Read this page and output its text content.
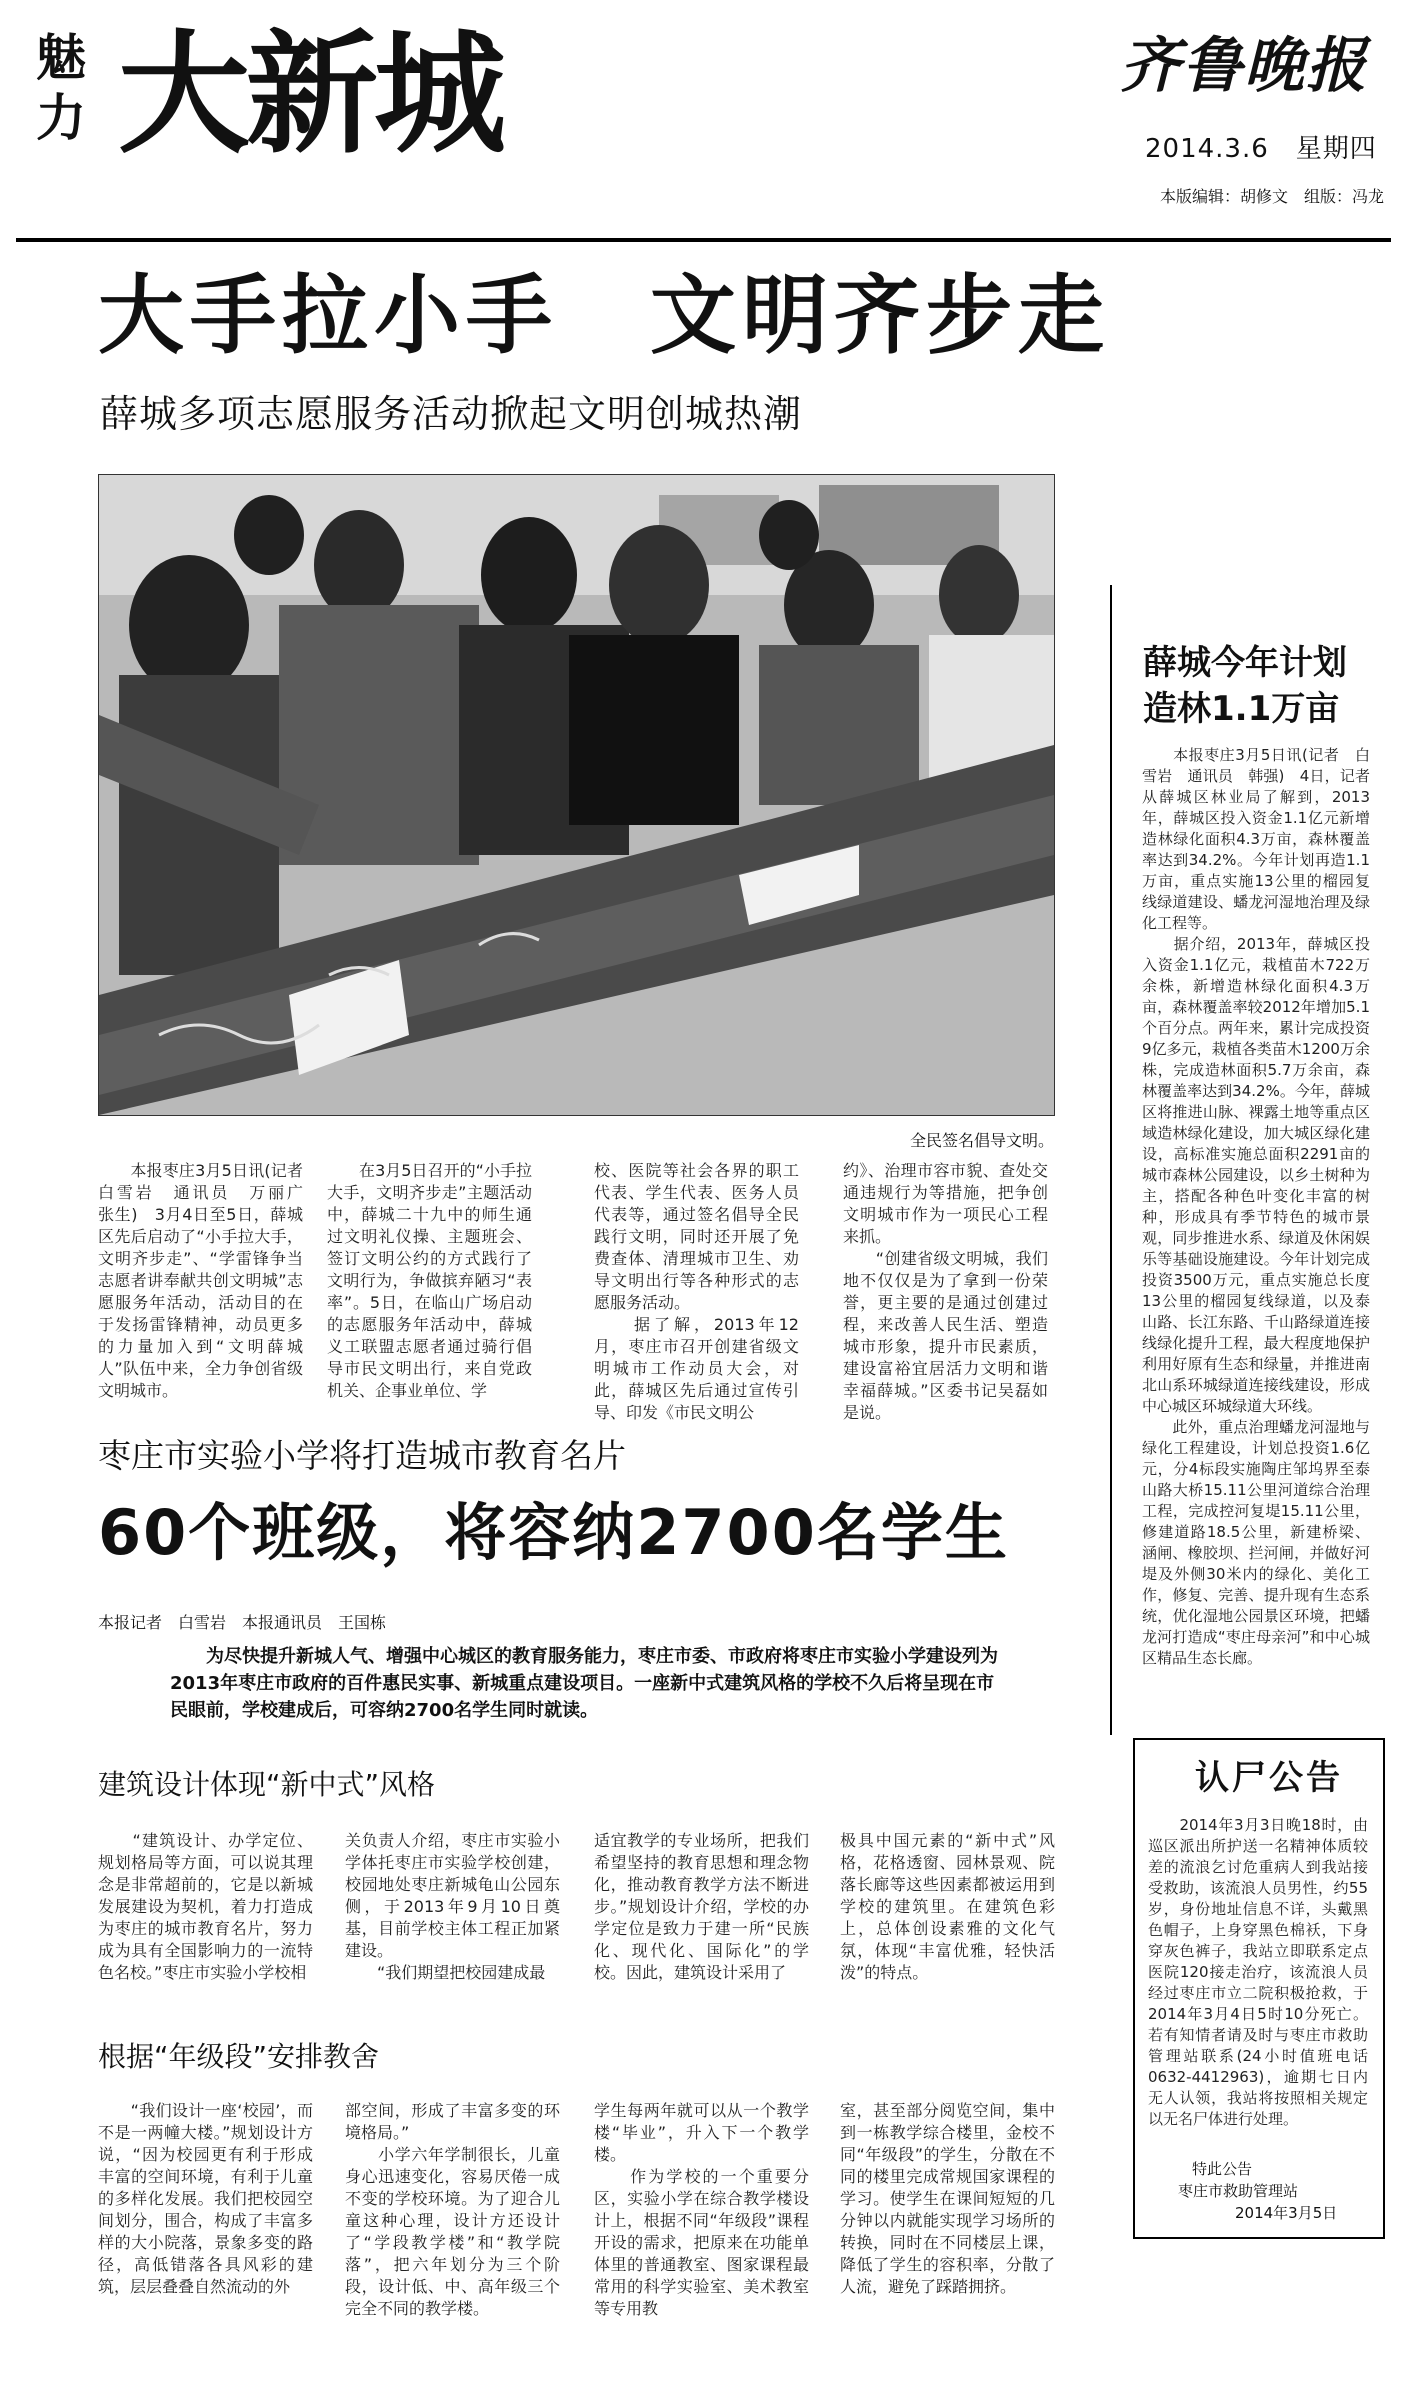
魅力 大新城	齐鲁晚报
2014.3.6　星期四
本版编辑：胡修文　组版：冯龙
大手拉小手　文明齐步走
薛城多项志愿服务活动掀起文明创城热潮
全民签名倡导文明。
　　本报枣庄3月5日讯(记者　白雪岩　通讯员　万丽广　张生)　3月4日至5日，薛城区先后启动了“小手拉大手，文明齐步走”、“学雷锋争当志愿者讲奉献共创文明城”志愿服务年活动，活动目的在于发扬雷锋精神，动员更多的力量加入到“文明薛城人”队伍中来，全力争创省级文明城市。
　　在3月5日召开的“小手拉大手，文明齐步走”主题活动中，薛城二十九中的师生通过文明礼仪操、主题班会、签订文明公约的方式践行了文明行为，争做摈弃陋习“表率”。5日，在临山广场启动的志愿服务年活动中，薛城义工联盟志愿者通过骑行倡导市民文明出行，来自党政机关、企事业单位、学
校、医院等社会各界的职工代表、学生代表、医务人员代表等，通过签名倡导全民践行文明，同时还开展了免费查体、清理城市卫生、劝导文明出行等各种形式的志愿服务活动。
　　据了解，2013年12月，枣庄市召开创建省级文明城市工作动员大会，对此，薛城区先后通过宣传引导、印发《市民文明公
约》、治理市容市貌、查处交通违规行为等措施，把争创文明城市作为一项民心工程来抓。
　　“创建省级文明城，我们地不仅仅是为了拿到一份荣誉，更主要的是通过创建过程，来改善人民生活、塑造城市形象，提升市民素质，建设富裕宜居活力文明和谐幸福薛城。”区委书记吴磊如是说。
薛城今年计划造林1.1万亩
　　本报枣庄3月5日讯(记者　白雪岩　通讯员　韩强)　4日，记者从薛城区林业局了解到，2013年，薛城区投入资金1.1亿元新增造林绿化面积4.3万亩，森林覆盖率达到34.2%。今年计划再造1.1万亩，重点实施13公里的榴园复线绿道建设、蟠龙河湿地治理及绿化工程等。
　　据介绍，2013年，薛城区投入资金1.1亿元，栽植苗木722万余株，新增造林绿化面积4.3万亩，森林覆盖率较2012年增加5.1个百分点。两年来，累计完成投资9亿多元，栽植各类苗木1200万余株，完成造林面积5.7万余亩，森林覆盖率达到34.2%。今年，薛城区将推进山脉、裸露土地等重点区域造林绿化建设，加大城区绿化建设，高标准实施总面积2291亩的城市森林公园建设，以乡土树种为主，搭配各种色叶变化丰富的树种，形成具有季节特色的城市景观，同步推进水系、绿道及休闲娱乐等基础设施建设。今年计划完成投资3500万元，重点实施总长度13公里的榴园复线绿道，以及泰山路、长江东路、千山路绿道连接线绿化提升工程，最大程度地保护利用好原有生态和绿量，并推进南北山系环城绿道连接线建设，形成中心城区环城绿道大环线。
　　此外，重点治理蟠龙河湿地与绿化工程建设，计划总投资1.6亿元，分4标段实施陶庄邹坞界至泰山路大桥15.11公里河道综合治理工程，完成控河复堤15.11公里，修建道路18.5公里，新建桥梁、涵闸、橡胶坝、拦河闸，并做好河堤及外侧30米内的绿化、美化工作，修复、完善、提升现有生态系统，优化湿地公园景区环境，把蟠龙河打造成“枣庄母亲河”和中心城区精品生态长廊。
枣庄市实验小学将打造城市教育名片
60个班级，将容纳2700名学生
本报记者　白雪岩　本报通讯员　王国栋
　　为尽快提升新城人气、增强中心城区的教育服务能力，枣庄市委、市政府将枣庄市实验小学建设列为2013年枣庄市政府的百件惠民实事、新城重点建设项目。一座新中式建筑风格的学校不久后将呈现在市民眼前，学校建成后，可容纳2700名学生同时就读。
建筑设计体现“新中式”风格
　　“建筑设计、办学定位、规划格局等方面，可以说其理念是非常超前的，它是以新城发展建设为契机，着力打造成为枣庄的城市教育名片，努力成为具有全国影响力的一流特色名校。”枣庄市实验小学校相
关负责人介绍，枣庄市实验小学体托枣庄市实验学校创建，校园地处枣庄新城龟山公园东侧，于2013年9月10日奠基，目前学校主体工程正加紧建设。
　　“我们期望把校园建成最
适宜教学的专业场所，把我们希望坚持的教育思想和理念物化，推动教育教学方法不断进步。”规划设计介绍，学校的办学定位是致力于建一所“民族化、现代化、国际化”的学校。因此，建筑设计采用了
极具中国元素的“新中式”风格，花格透窗、园林景观、院落长廊等这些因素都被运用到学校的建筑里。在建筑色彩上，总体创设素雅的文化气氛，体现“丰富优雅，轻快活泼”的特点。
根据“年级段”安排教舍
　　“我们设计一座‘校园’，而不是一两幢大楼。”规划设计方说，“因为校园更有利于形成丰富的空间环境，有利于儿童的多样化发展。我们把校园空间划分，围合，构成了丰富多样的大小院落，景象多变的路径，高低错落各具风彩的建筑，层层叠叠自然流动的外
部空间，形成了丰富多变的环境格局。”
　　小学六年学制很长，儿童身心迅速变化，容易厌倦一成不变的学校环境。为了迎合儿童这种心理，设计方还设计了“学段教学楼”和“教学院落”，把六年划分为三个阶段，设计低、中、高年级三个完全不同的教学楼。
学生每两年就可以从一个教学楼“毕业”，升入下一个教学楼。
　　作为学校的一个重要分区，实验小学在综合教学楼设计上，根据不同“年级段”课程开设的需求，把原来在功能单体里的普通教室、图家课程最常用的科学实验室、美术教室等专用教
室，甚至部分阅览空间，集中到一栋教学综合楼里，金校不同“年级段”的学生，分散在不同的楼里完成常规国家课程的学习。使学生在课间短短的几分钟以内就能实现学习场所的转换，同时在不同楼层上课，降低了学生的容积率，分散了人流，避免了踩踏拥挤。
认尸公告
　　2014年3月3日晚18时，由巡区派出所护送一名精神体质较差的流浪乞讨危重病人到我站接受救助，该流浪人员男性，约55岁，身份地址信息不详，头戴黑色帽子，上身穿黑色棉袄，下身穿灰色裤子，我站立即联系定点医院120接走治疗，该流浪人员经过枣庄市立二院积极抢救，于2014年3月4日5时10分死亡。若有知情者请及时与枣庄市救助管理站联系(24小时值班电话0632-4412963)，逾期七日内无人认领，我站将按照相关规定以无名尸体进行处理。
特此公告
枣庄市救助管理站
2014年3月5日
